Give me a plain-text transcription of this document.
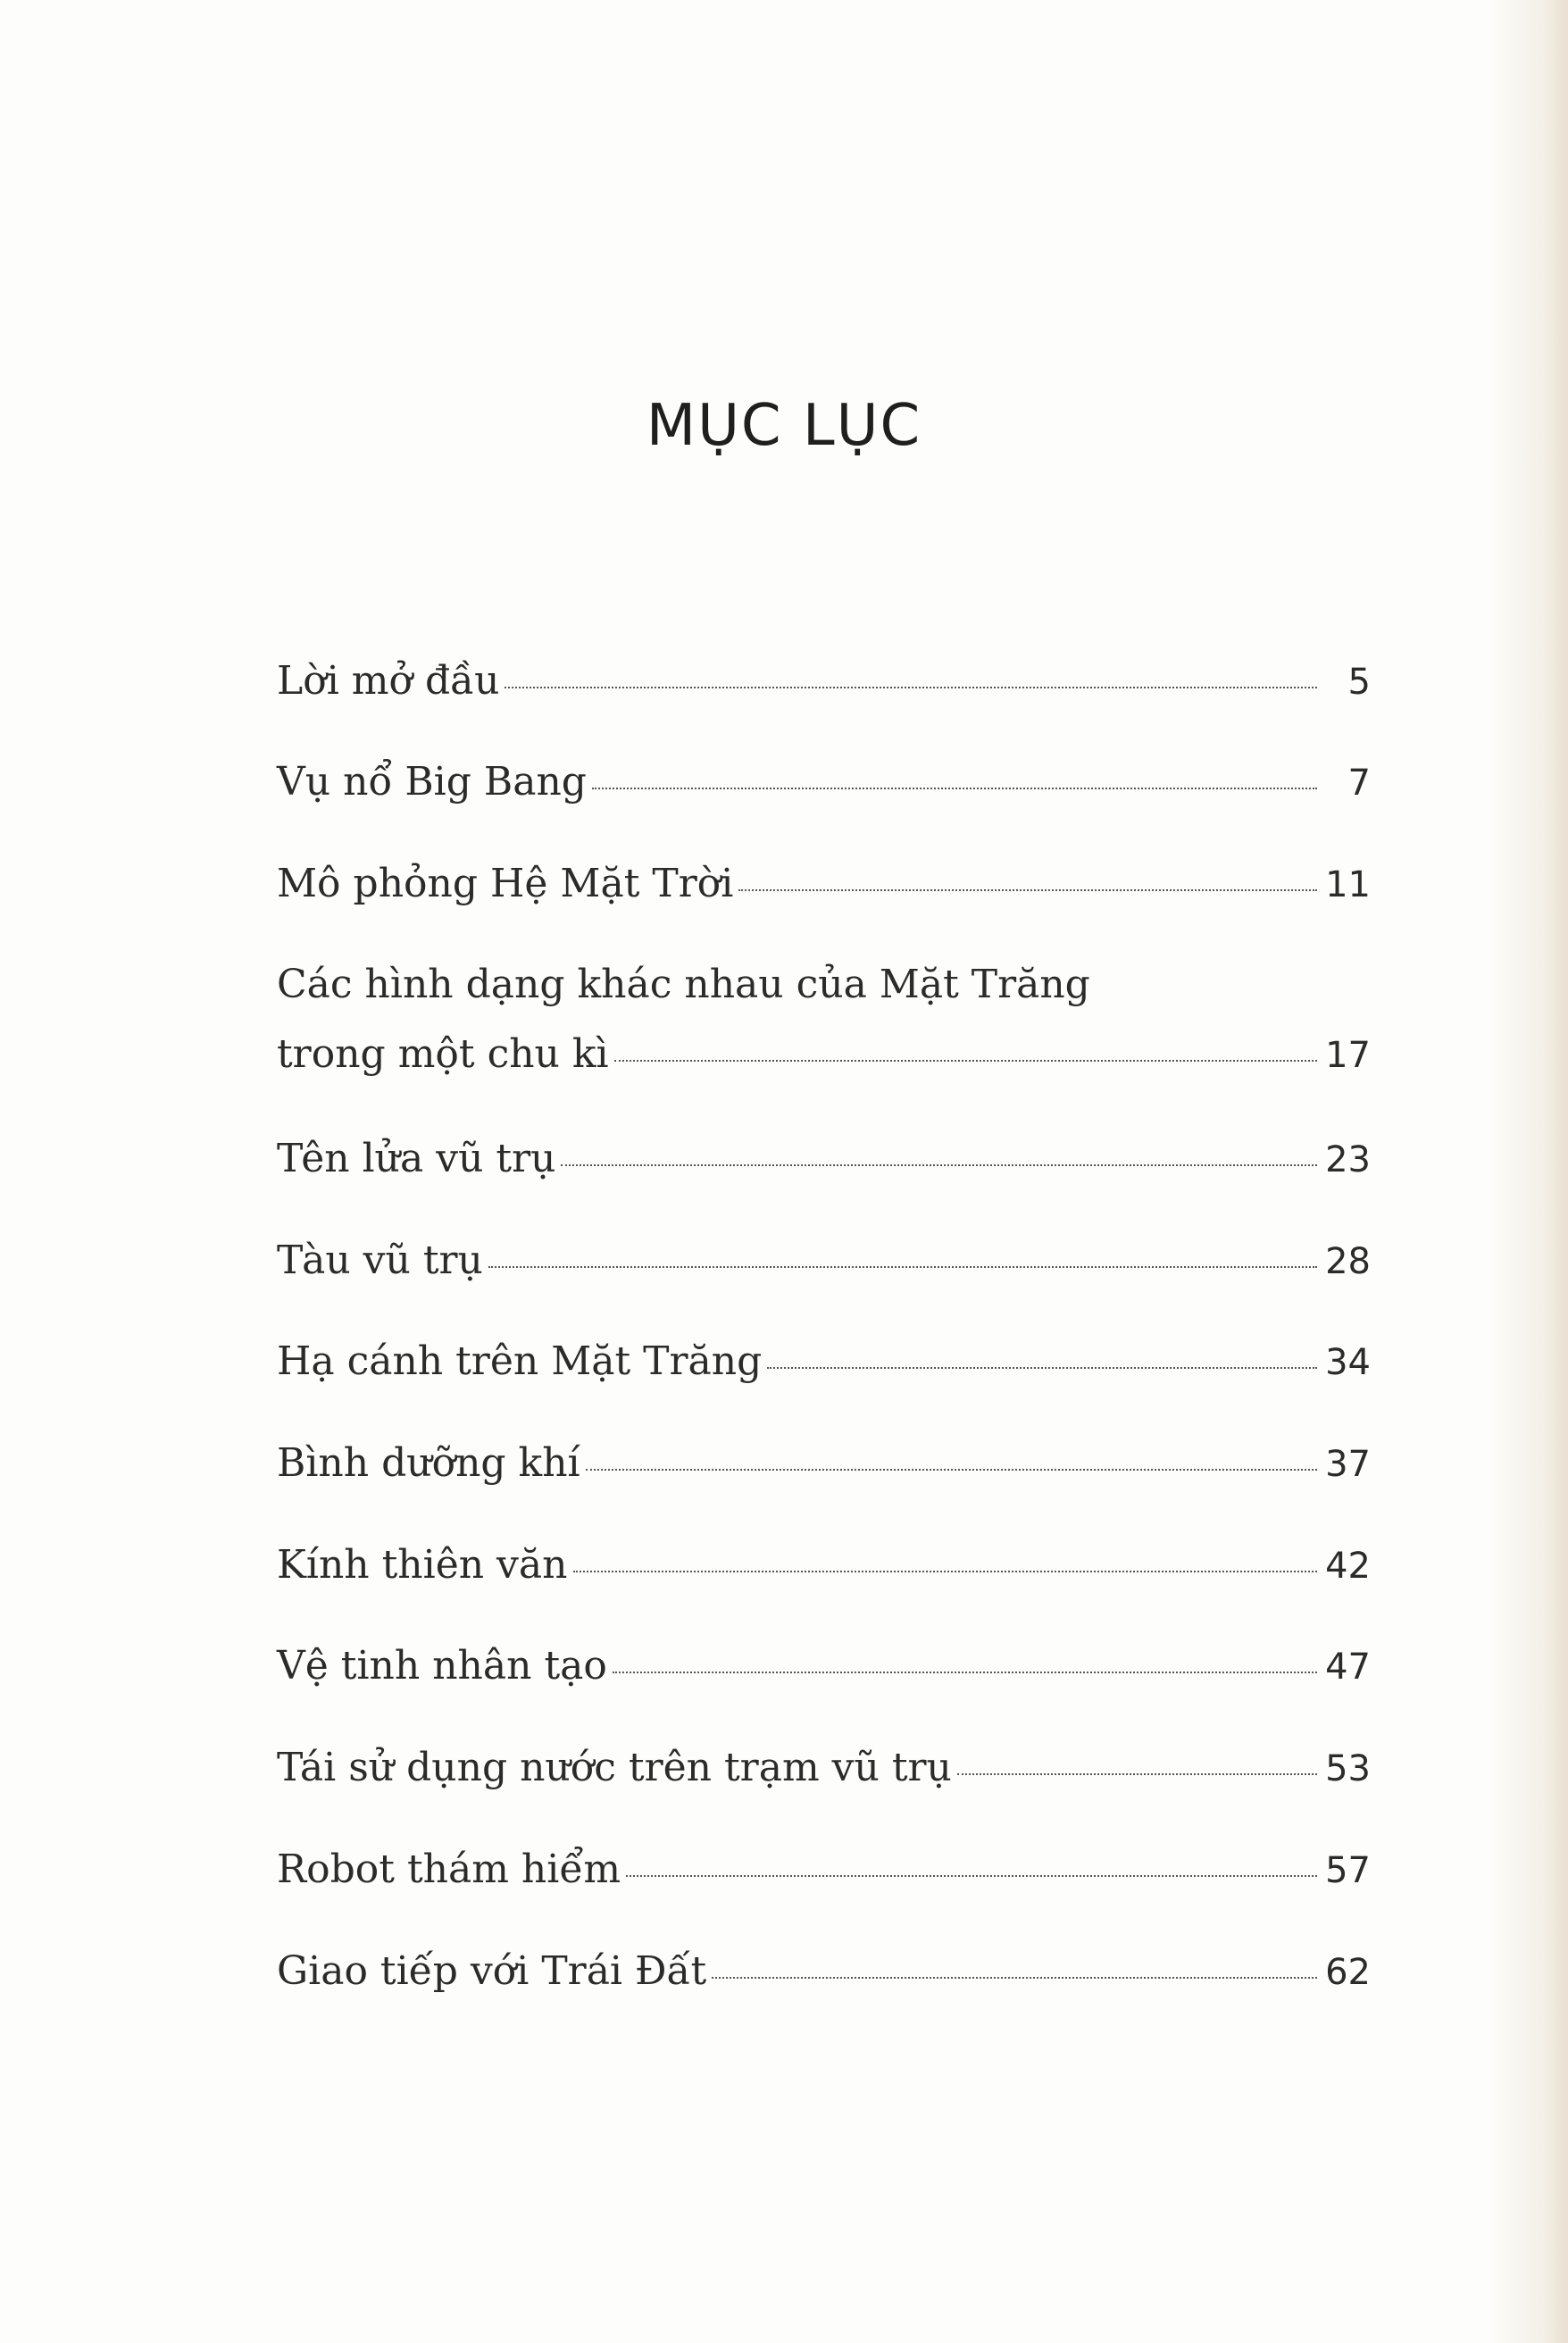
MỤC LỤC
Lời mở đầu	5
Vụ nổ Big Bang	7
Mô phỏng Hệ Mặt Trời	11
Các hình dạng khác nhau của Mặt Trăng
trong một chu kì	17
Tên lửa vũ trụ	23
Tàu vũ trụ	28
Hạ cánh trên Mặt Trăng	34
Bình dưỡng khí	37
Kính thiên văn	42
Vệ tinh nhân tạo	47
Tái sử dụng nước trên trạm vũ trụ	53
Robot thám hiểm	57
Giao tiếp với Trái Đất	62
